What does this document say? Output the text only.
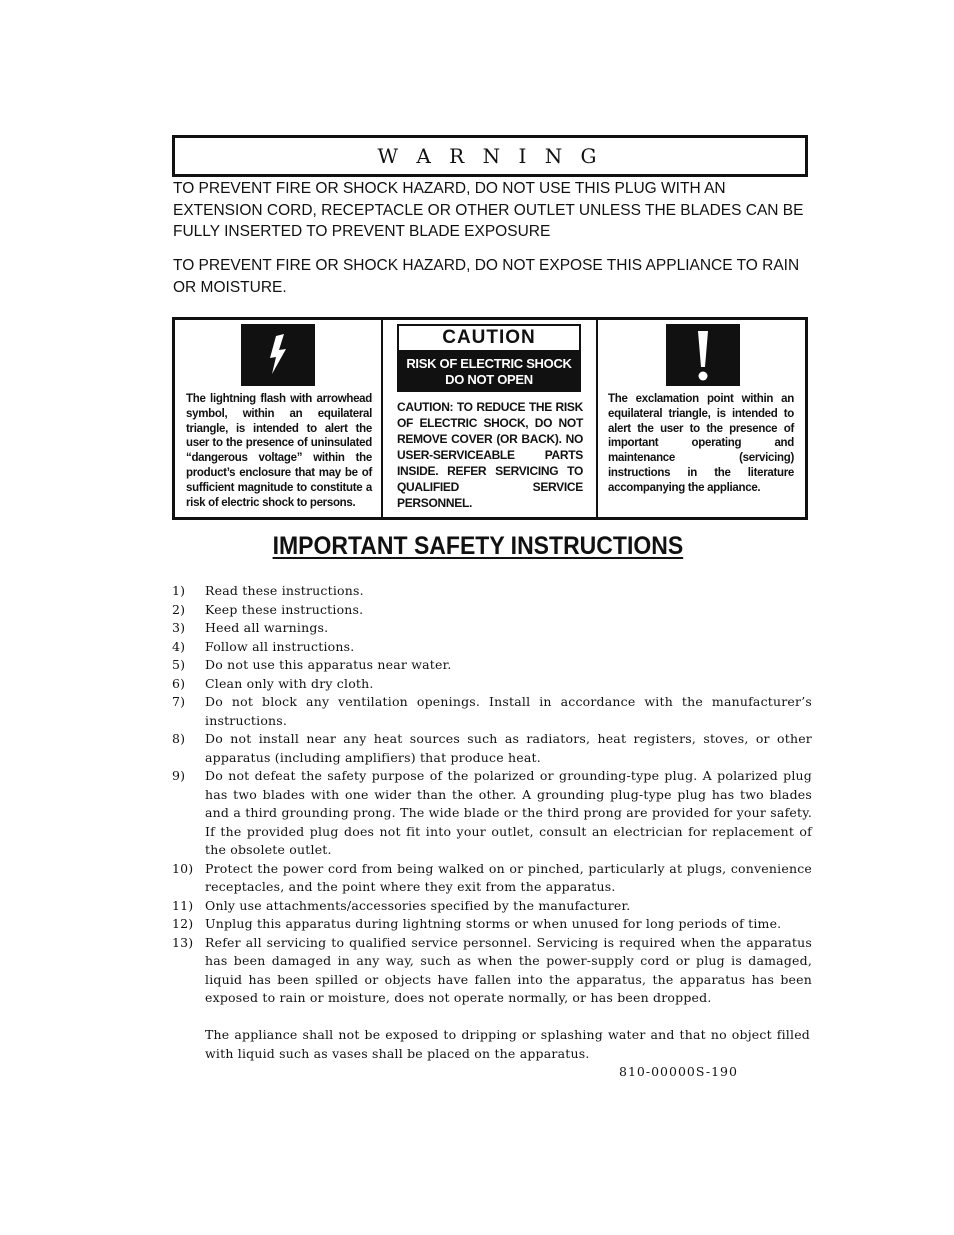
W A R N I N G

TO PREVENT FIRE OR SHOCK HAZARD, DO NOT USE THIS PLUG WITH AN EXTENSION CORD, RECEPTACLE OR OTHER OUTLET UNLESS THE BLADES CAN BE FULLY INSERTED TO PREVENT BLADE EXPOSURE

TO PREVENT FIRE OR SHOCK HAZARD, DO NOT EXPOSE THIS APPLIANCE TO RAIN OR MOISTURE.

The lightning flash with arrowhead symbol, within an equilateral triangle, is intended to alert the user to the presence of uninsulated “dangerous voltage” within the product’s enclosure that may be of sufficient magnitude to constitute a risk of electric shock to persons.

CAUTION
RISK OF ELECTRIC SHOCK
DO NOT OPEN

CAUTION: TO REDUCE THE RISK OF ELECTRIC SHOCK, DO NOT REMOVE COVER (OR BACK). NO USER-SERVICEABLE PARTS INSIDE. REFER SERVICING TO QUALIFIED SERVICE PERSONNEL.

The exclamation point within an equilateral triangle, is intended to alert the user to the presence of important operating and maintenance (servicing) instructions in the literature accompanying the appliance.

IMPORTANT SAFETY INSTRUCTIONS
1)	Read these instructions.
2)	Keep these instructions.
3)	Heed all warnings.
4)	Follow all instructions.
5)	Do not use this apparatus near water.
6)	Clean only with dry cloth.
7)	Do not block any ventilation openings. Install in accordance with the manufacturer’s instructions.
8)	Do not install near any heat sources such as radiators, heat registers, stoves, or other apparatus (including amplifiers) that produce heat.
9)	Do not defeat the safety purpose of the polarized or grounding-type plug. A polarized plug has two blades with one wider than the other. A grounding plug-type plug has two blades and a third grounding prong. The wide blade or the third prong are provided for your safety. If the provided plug does not fit into your outlet, consult an electrician for replacement of the obsolete outlet.
10) Protect the power cord from being walked on or pinched, particularly at plugs, convenience receptacles, and the point where they exit from the apparatus.
11) Only use attachments/accessories specified by the manufacturer.
12) Unplug this apparatus during lightning storms or when unused for long periods of time.
13) Refer all servicing to qualified service personnel. Servicing is required when the apparatus has been damaged in any way, such as when the power-supply cord or plug is damaged, liquid has been spilled or objects have fallen into the apparatus, the apparatus has been exposed to rain or moisture, does not operate normally, or has been dropped.

The appliance shall not be exposed to dripping or splashing water and that no object filled with liquid such as vases shall be placed on the apparatus.

810-00000S-190
